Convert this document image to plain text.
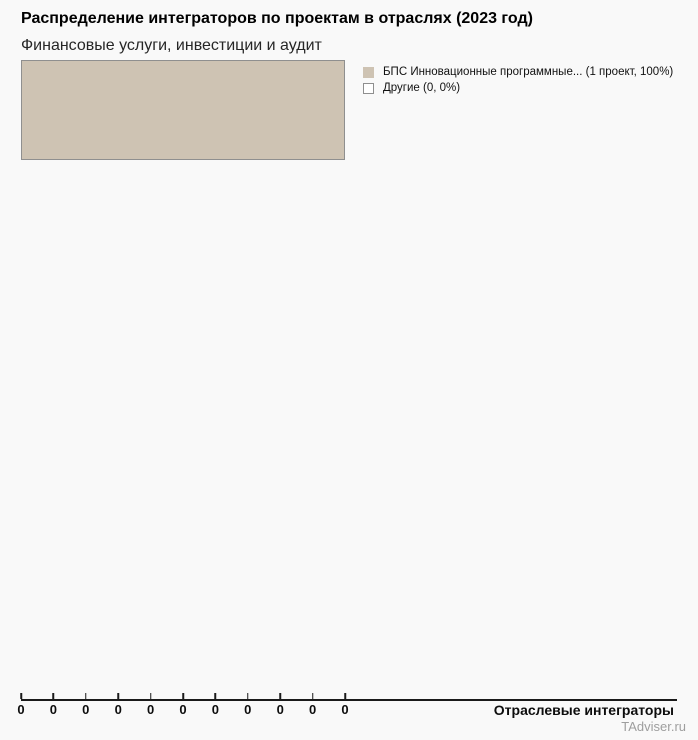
Распределение интеграторов по проектам в отраслях (2023 год)
Финансовые услуги, инвестиции и аудит
БПС Инновационные программные... (1 проект, 100%)
Другие (0, 0%)
0 0 0 0 0 0 0 0 0 0 0	Отраслевые интеграторы
TAdviser.ru
